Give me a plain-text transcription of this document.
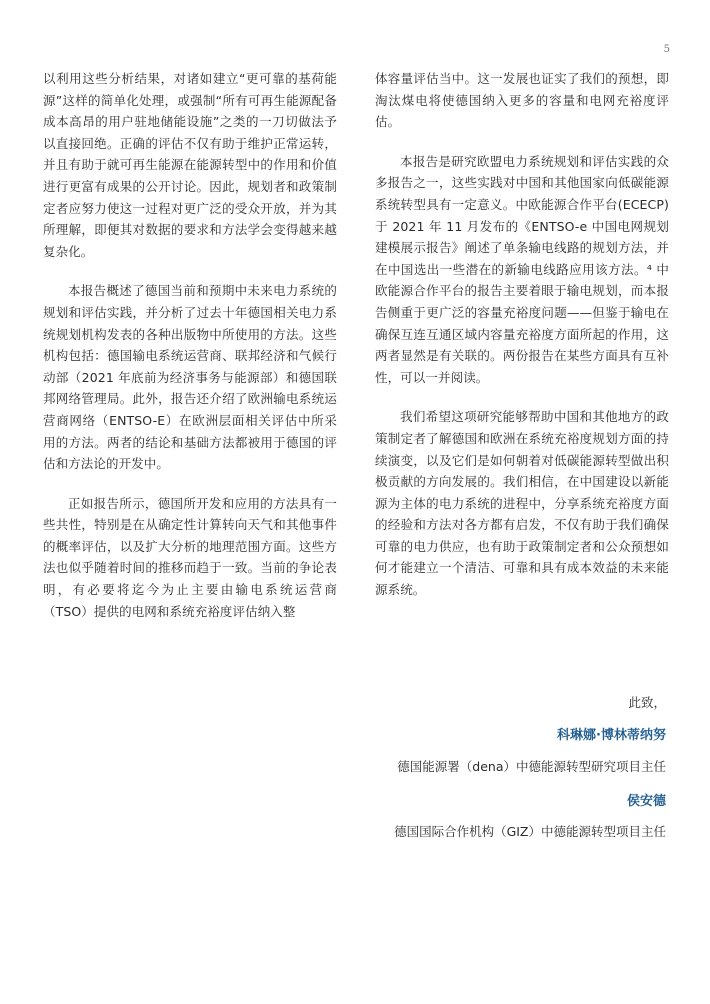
5

以利用这些分析结果，对诸如建立“更可靠的基荷能源”这样的简单化处理，或强制“所有可再生能源配备成本高昂的用户驻地储能设施”之类的一刀切做法予以直接回绝。正确的评估不仅有助于维护正常运转，并且有助于就可再生能源在能源转型中的作用和价值进行更富有成果的公开讨论。因此，规划者和政策制定者应努力使这一过程对更广泛的受众开放，并为其所理解，即便其对数据的要求和方法学会变得越来越复杂化。

本报告概述了德国当前和预期中未来电力系统的规划和评估实践，并分析了过去十年德国相关电力系统规划机构发表的各种出版物中所使用的方法。这些机构包括：德国输电系统运营商、联邦经济和气候行动部（2021 年底前为经济事务与能源部）和德国联邦网络管理局。此外，报告还介绍了欧洲输电系统运营商网络（ENTSO-E）在欧洲层面相关评估中所采用的方法。两者的结论和基础方法都被用于德国的评估和方法论的开发中。

正如报告所示，德国所开发和应用的方法具有一些共性，特别是在从确定性计算转向天气和其他事件的概率评估，以及扩大分析的地理范围方面。这些方法也似乎随着时间的推移而趋于一致。当前的争论表明，有必要将迄今为止主要由输电系统运营商（TSO）提供的电网和系统充裕度评估纳入整

体容量评估当中。这一发展也证实了我们的预想，即淘汰煤电将使德国纳入更多的容量和电网充裕度评估。

本报告是研究欧盟电力系统规划和评估实践的众多报告之一，这些实践对中国和其他国家向低碳能源系统转型具有一定意义。中欧能源合作平台(ECECP) 于 2021 年 11 月发布的《ENTSO-e 中国电网规划建模展示报告》阐述了单条输电线路的规划方法，并在中国选出一些潜在的新输电线路应用该方法。⁴ 中欧能源合作平台的报告主要着眼于输电规划，而本报告侧重于更广泛的容量充裕度问题——但鉴于输电在确保互连互通区域内容量充裕度方面所起的作用，这两者显然是有关联的。两份报告在某些方面具有互补性，可以一并阅读。

我们希望这项研究能够帮助中国和其他地方的政策制定者了解德国和欧洲在系统充裕度规划方面的持续演变，以及它们是如何朝着对低碳能源转型做出积极贡献的方向发展的。我们相信，在中国建设以新能源为主体的电力系统的进程中，分享系统充裕度方面的经验和方法对各方都有启发，不仅有助于我们确保可靠的电力供应，也有助于政策制定者和公众预想如何才能建立一个清洁、可靠和具有成本效益的未来能源系统。

此致，
科琳娜·博林蒂纳努
德国能源署（dena）中德能源转型研究项目主任
侯安德
德国国际合作机构（GIZ）中德能源转型项目主任
